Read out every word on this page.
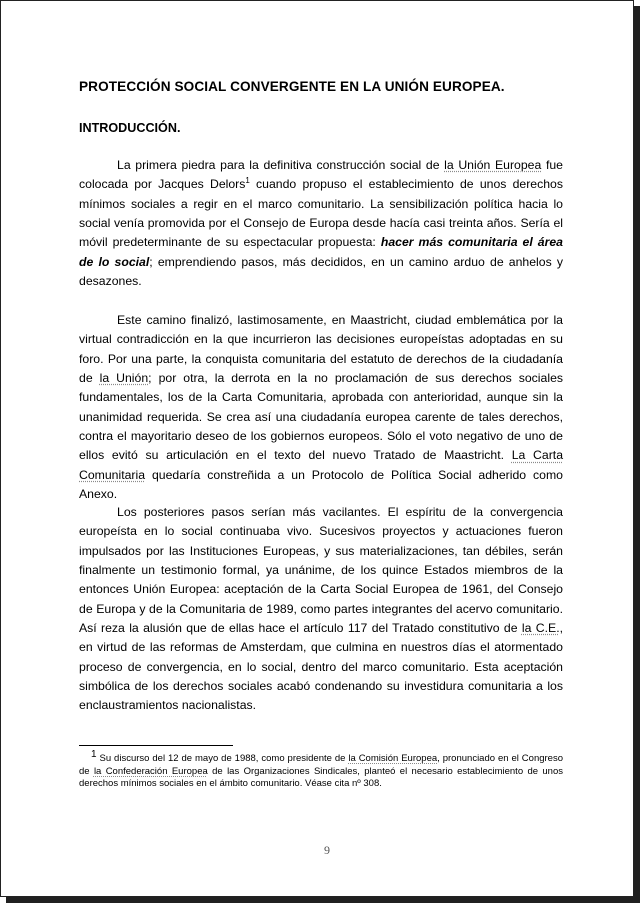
PROTECCIÓN SOCIAL CONVERGENTE EN LA UNIÓN EUROPEA.
INTRODUCCIÓN.
La primera piedra para la definitiva construcción social de la Unión Europea fue colocada por Jacques Delors$^1$ cuando propuso el establecimiento de unos derechos mínimos sociales a regir en el marco comunitario. La sensibilización política hacia lo social venía promovida por el Consejo de Europa desde hacía casi treinta años. Sería el móvil predeterminante de su espectacular propuesta: hacer más comunitaria el área de lo social; emprendiendo pasos, más decididos, en un camino arduo de anhelos y desazones.
Este camino finalizó, lastimosamente, en Maastricht, ciudad emblemática por la virtual contradicción en la que incurrieron las decisiones europeístas adoptadas en su foro. Por una parte, la conquista comunitaria del estatuto de derechos de la ciudadanía de la Unión; por otra, la derrota en la no proclamación de sus derechos sociales fundamentales, los de la Carta Comunitaria, aprobada con anterioridad, aunque sin la unanimidad requerida. Se crea así una ciudadanía europea carente de tales derechos, contra el mayoritario deseo de los gobiernos europeos. Sólo el voto negativo de uno de ellos evitó su articulación en el texto del nuevo Tratado de Maastricht. La Carta Comunitaria quedaría constreñida a un Protocolo de Política Social adherido como Anexo.
Los posteriores pasos serían más vacilantes. El espíritu de la convergencia europeísta en lo social continuaba vivo. Sucesivos proyectos y actuaciones fueron impulsados por las Instituciones Europeas, y sus materializaciones, tan débiles, serán finalmente un testimonio formal, ya unánime, de los quince Estados miembros de la entonces Unión Europea: aceptación de la Carta Social Europea de 1961, del Consejo de Europa y de la Comunitaria de 1989, como partes integrantes del acervo comunitario. Así reza la alusión que de ellas hace el artículo 117 del Tratado constitutivo de la C.E., en virtud de las reformas de Amsterdam, que culmina en nuestros días el atormentado proceso de convergencia, en lo social, dentro del marco comunitario. Esta aceptación simbólica de los derechos sociales acabó condenando su investidura comunitaria a los enclaustramientos nacionalistas.
1 Su discurso del 12 de mayo de 1988, como presidente de la Comisión Europea, pronunciado en el Congreso de la Confederación Europea de las Organizaciones Sindicales, planteó el necesario establecimiento de unos derechos mínimos sociales en el ámbito comunitario. Véase cita nº 308.
9
